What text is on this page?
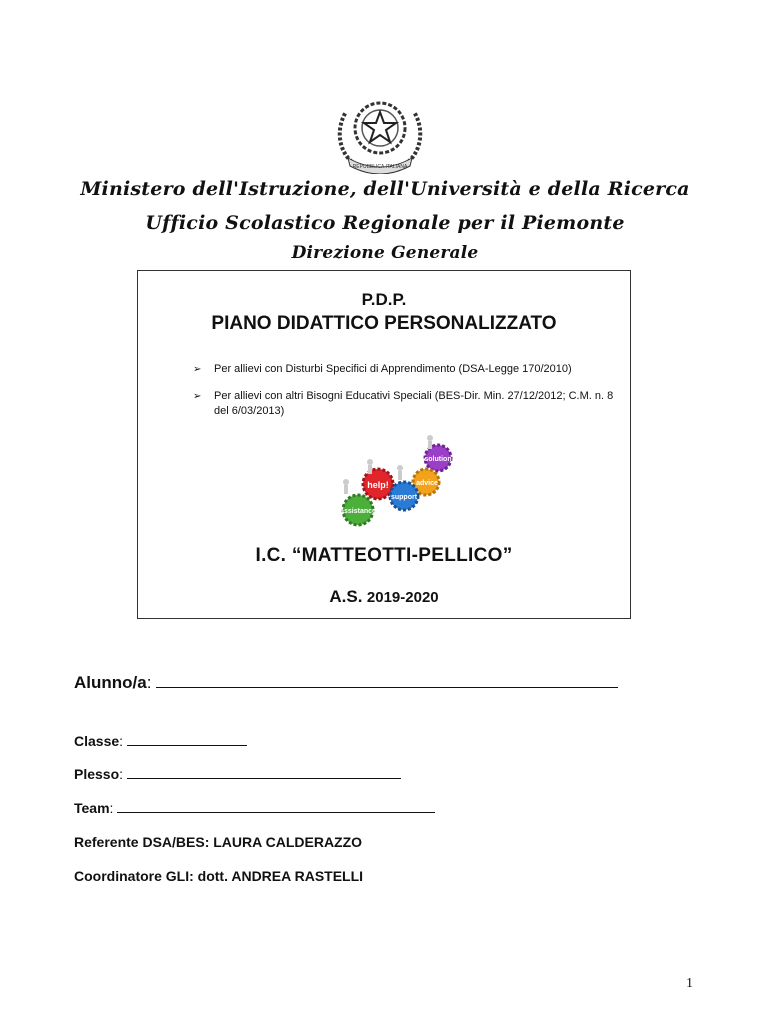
REPUBBLICA ITALIANA
Ministero dell'Istruzione, dell'Università e della Ricerca
Ufficio Scolastico Regionale per il Piemonte
Direzione Generale
P.D.P.
PIANO DIDATTICO PERSONALIZZATO
➢ Per allievi con Disturbi Specifici di Apprendimento (DSA-Legge 170/2010)
➢ Per allievi con altri Bisogni Educativi Speciali (BES-Dir. Min. 27/12/2012; C.M. n. 8 del 6/03/2013)
solution
advice
help!
support
assistance
I.C. “MATTEOTTI-PELLICO”
A.S. 2019-2020
Alunno/a:
Classe:
Plesso:
Team:
Referente DSA/BES: LAURA CALDERAZZO
Coordinatore GLI: dott. ANDREA RASTELLI
1
